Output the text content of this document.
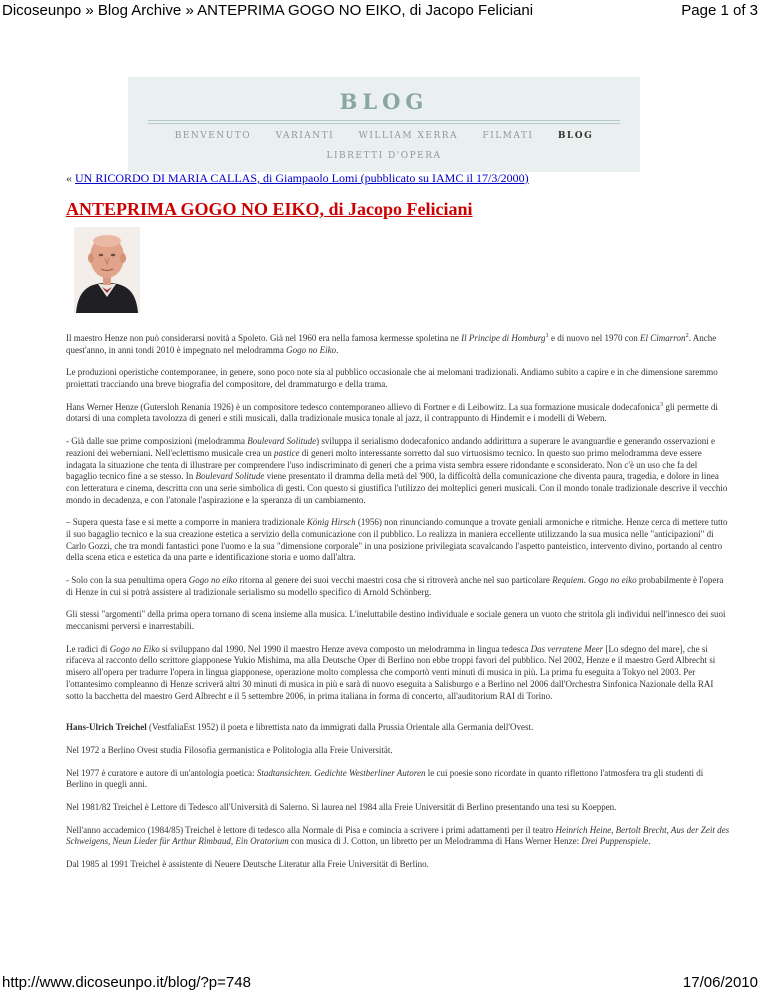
Dicoseunpo » Blog Archive » ANTEPRIMA GOGO NO EIKO, di Jacopo Feliciani	Page 1 of 3
BLOG
BENVENUTO	VARIANTI	WILLIAM XERRA	FILMATI	BLOG
LIBRETTI D'OPERA
« UN RICORDO DI MARIA CALLAS, di Giampaolo Lomi (pubblicato su IAMC il 17/3/2000)
ANTEPRIMA GOGO NO EIKO, di Jacopo Feliciani

Il maestro Henze non può considerarsi novità a Spoleto. Già nel 1960 era nella famosa kermesse spoletina ne Il Principe di Homburg$^1$ e di nuovo nel 1970 con El Cimarron$^2$. Anche quest'anno, in anni tondi 2010 è impegnato nel melodramma Gogo no Eiko.

Le produzioni operistiche contemporanee, in genere, sono poco note sia al pubblico occasionale che ai melomani tradizionali. Andiamo subito a capire e in che dimensione saremmo proiettati tracciando una breve biografia del compositore, del drammaturgo e della trama.

Hans Werner Henze (Gutersloh Renania 1926) è un compositore tedesco contemporaneo allievo di Fortner e di Leibowitz. La sua formazione musicale dodecafonica$^3$ gli permette di dotarsi di una completa tavolozza di generi e stili musicali, dalla tradizionale musica tonale al jazz, il contrappunto di Hindemit e i modelli di Webern.

- Già dalle sue prime composizioni (melodramma Boulevard Solitude) sviluppa il serialismo dodecafonico andando addirittura a superare le avanguardie e generando osservazioni e reazioni dei weberniani. Nell'eclettismo musicale crea un pastice di generi molto interessante sorretto dal suo virtuosismo tecnico. In questo suo primo melodramma deve essere indagata la situazione che tenta di illustrare per comprendere l'uso indiscriminato di generi che a prima vista sembra essere ridondante e sconsiderato. Non c'è un uso che fa del bagaglio tecnico fine a se stesso. In Boulevard Solitude viene presentato il dramma della metà del '900, la difficoltà della comunicazione che diventa paura, tragedia, e dolore in linea con letteratura e cinema, descritta con una serie simbolica di gesti. Con questo si giustifica l'utilizzo dei molteplici generi musicali. Con il mondo tonale tradizionale descrive il vecchio mondo in decadenza, e con l'atonale l'aspirazione e la speranza di un cambiamento.

– Supera questa fase e si mette a comporre in maniera tradizionale König Hirsch (1956) non rinunciando comunque a trovate geniali armoniche e ritmiche. Henze cerca di mettere tutto il suo bagaglio tecnico e la sua creazione estetica a servizio della comunicazione con il pubblico. Lo realizza in maniera eccellente utilizzando la sua musica nelle "anticipazioni" di Carlo Gozzi, che tra mondi fantastici pone l'uomo e la sua "dimensione corporale" in una posizione privilegiata scavalcando l'aspetto panteistico, intervento divino, portando al centro della scena etica e estetica da una parte e identificazione storia e uomo dall'altra.

- Solo con la sua penultima opera Gogo no eiko ritorna al genere dei suoi vecchi maestri cosa che si ritroverà anche nel suo particolare Requiem. Gogo no eiko probabilmente è l'opera di Henze in cui si potrà assistere al tradizionale serialismo su modello specifico di Arnold Schönberg.

Gli stessi "argomenti" della prima opera tornano di scena insieme alla musica. L'ineluttabile destino individuale e sociale genera un vuoto che stritola gli individui nell'innesco dei suoi meccanismi perversi e inarrestabili.

Le radici di Gogo no Eiko si sviluppano dal 1990. Nel 1990 il maestro Henze aveva composto un melodramma in lingua tedesca Das verratene Meer [Lo sdegno del mare], che si rifaceva al racconto dello scrittore giapponese Yukio Mishima, ma alla Deutsche Oper di Berlino non ebbe troppi favori del pubblico. Nel 2002, Henze e il maestro Gerd Albrecht si misero all'opera per tradurre l'opera in lingua giapponese, operazione molto complessa che comportò venti minuti di musica in più. La prima fu eseguita a Tokyo nel 2003. Per l'ottantesimo compleanno di Henze scriverà altri 30 minuti di musica in più e sarà di nuovo eseguita a Salisburgo e a Berlino nel 2006 dall'Orchestra Sinfonica Nazionale della RAI sotto la bacchetta del maestro Gerd Albrecht e il 5 settembre 2006, in prima italiana in forma di concerto, all'auditorium RAI di Torino.

Hans-Ulrich Treichel (VestfaliaEst 1952) il poeta e librettista nato da immigrati dalla Prussia Orientale alla Germania dell'Ovest.

Nel 1972 a Berlino Ovest studia Filosofia germanistica e Politologia alla Freie Universität.

Nel 1977 è curatore e autore di un'antologia poetica: Stadtansichten. Gedichte Westberliner Autoren le cui poesie sono ricordate in quanto riflettono l'atmosfera tra gli studenti di Berlino in quegli anni.

Nel 1981/82 Treichel è Lettore di Tedesco all'Università di Salerno. Si laurea nel 1984 alla Freie Universität di Berlino presentando una tesi su Koeppen.

Nell'anno accademico (1984/85) Treichel è lettore di tedesco alla Normale di Pisa e comincia a scrivere i primi adattamenti per il teatro Heinrich Heine, Bertolt Brecht, Aus der Zeit des Schweigens, Neun Lieder für Arthur Rimbaud, Ein Oratorium con musica di J. Cotton, un libretto per un Melodramma di Hans Werner Henze: Drei Puppenspiele.

Dal 1985 al 1991 Treichel è assistente di Neuere Deutsche Literatur alla Freie Universität di Berlino.

http://www.dicoseunpo.it/blog/?p=748	17/06/2010
